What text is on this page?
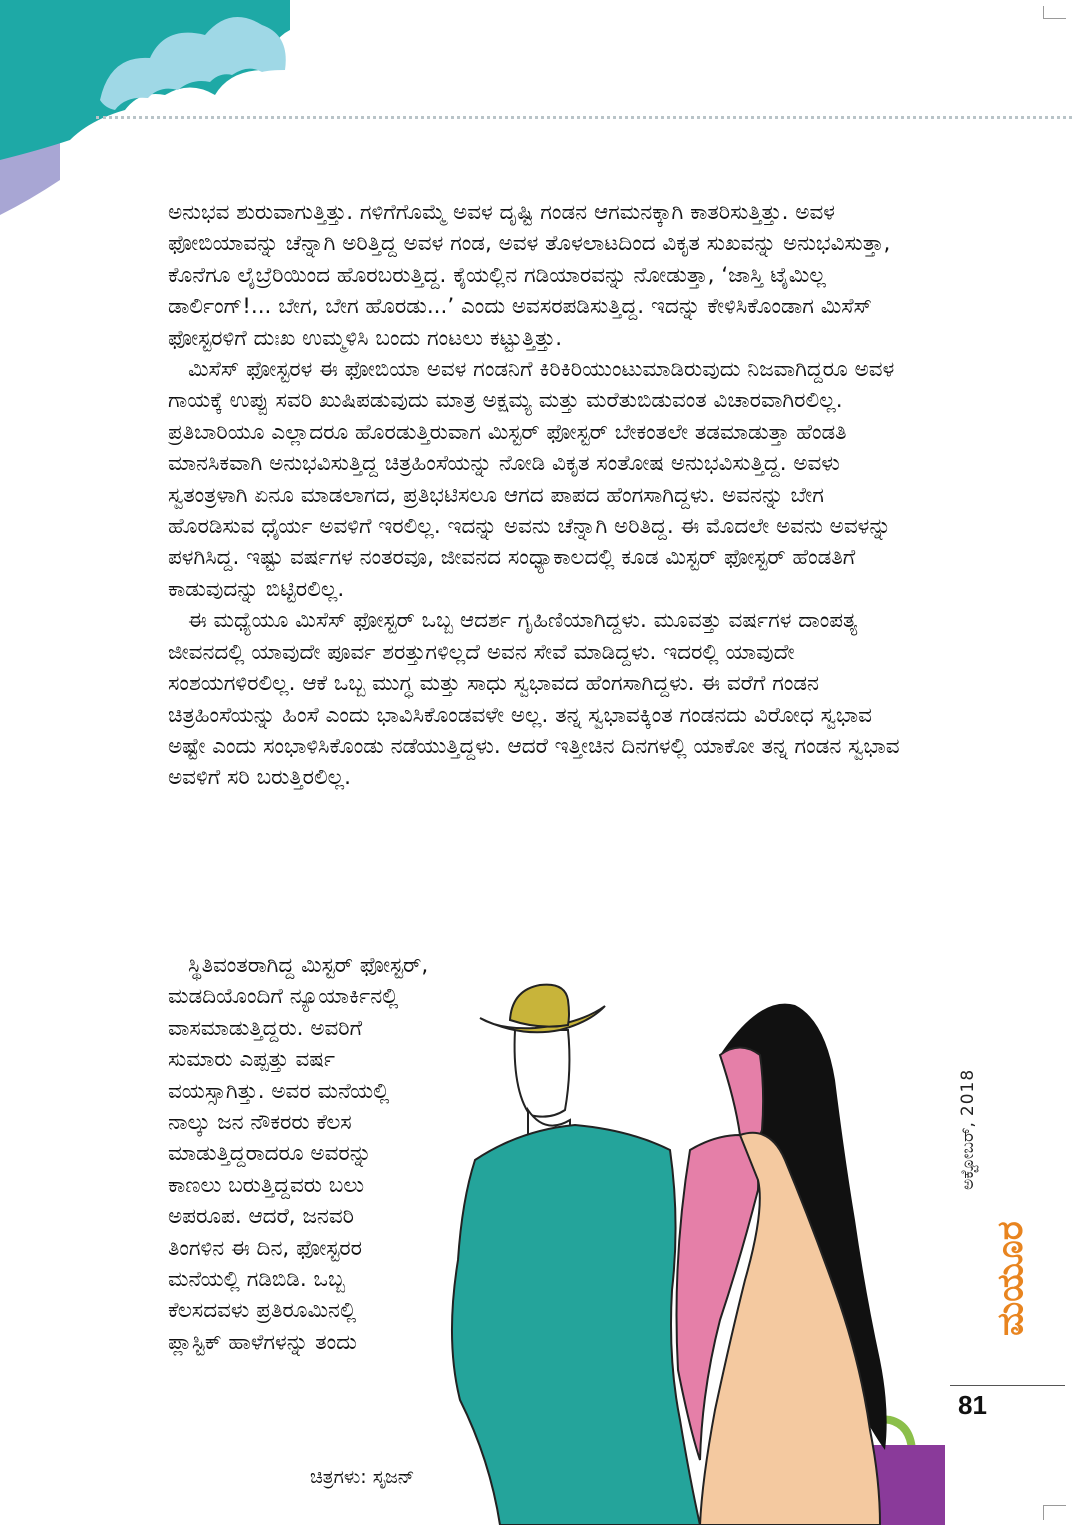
ಅನುಭವ ಶುರುವಾಗುತ್ತಿತ್ತು. ಗಳಿಗೆಗೊಮ್ಮೆ ಅವಳ ದೃಷ್ಟಿ ಗಂಡನ ಆಗಮನಕ್ಕಾಗಿ ಕಾತರಿಸುತ್ತಿತ್ತು. ಅವಳ ಫೋಬಿಯಾವನ್ನು ಚೆನ್ನಾಗಿ ಅರಿತ್ತಿದ್ದ ಅವಳ ಗಂಡ, ಅವಳ ತೊಳಲಾಟದಿಂದ ವಿಕೃತ ಸುಖವನ್ನು ಅನುಭವಿಸುತ್ತಾ, ಕೊನೆಗೂ ಲೈಬ್ರೆರಿಯಿಂದ ಹೊರಬರುತ್ತಿದ್ದ. ಕೈಯಲ್ಲಿನ ಗಡಿಯಾರವನ್ನು ನೋಡುತ್ತಾ, ‘ಜಾಸ್ತಿ ಟೈಮಿಲ್ಲ ಡಾರ್ಲಿಂಗ್!... ಬೇಗ, ಬೇಗ ಹೊರಡು...’ ಎಂದು ಅವಸರಪಡಿಸುತ್ತಿದ್ದ. ಇದನ್ನು ಕೇಳಿಸಿಕೊಂಡಾಗ ಮಿಸೆಸ್ ಫೋಸ್ಟರಳಿಗೆ ದುಃಖ ಉಮ್ಮಳಿಸಿ ಬಂದು ಗಂಟಲು ಕಟ್ಟುತ್ತಿತ್ತು.

ಮಿಸೆಸ್ ಫೋಸ್ಟರಳ ಈ ಫೋಬಿಯಾ ಅವಳ ಗಂಡನಿಗೆ ಕಿರಿಕಿರಿಯುಂಟುಮಾಡಿರುವುದು ನಿಜವಾಗಿದ್ದರೂ ಅವಳ ಗಾಯಕ್ಕೆ ಉಪ್ಪು ಸವರಿ ಖುಷಿಪಡುವುದು ಮಾತ್ರ ಅಕ್ಷಮ್ಯ ಮತ್ತು ಮರೆತುಬಿಡುವಂತ ವಿಚಾರವಾಗಿರಲಿಲ್ಲ. ಪ್ರತಿಬಾರಿಯೂ ಎಲ್ಲಾದರೂ ಹೊರಡುತ್ತಿರುವಾಗ ಮಿಸ್ಟರ್ ಫೋಸ್ಟರ್ ಬೇಕಂತಲೇ ತಡಮಾಡುತ್ತಾ ಹೆಂಡತಿ ಮಾನಸಿಕವಾಗಿ ಅನುಭವಿಸುತ್ತಿದ್ದ ಚಿತ್ರಹಿಂಸೆಯನ್ನು ನೋಡಿ ವಿಕೃತ ಸಂತೋಷ ಅನುಭವಿಸುತ್ತಿದ್ದ. ಅವಳು ಸ್ವತಂತ್ರಳಾಗಿ ಏನೂ ಮಾಡಲಾಗದ, ಪ್ರತಿಭಟಿಸಲೂ ಆಗದ ಪಾಪದ ಹೆಂಗಸಾಗಿದ್ದಳು. ಅವನನ್ನು ಬೇಗ ಹೊರಡಿಸುವ ಧೈರ್ಯ ಅವಳಿಗೆ ಇರಲಿಲ್ಲ. ಇದನ್ನು ಅವನು ಚೆನ್ನಾಗಿ ಅರಿತಿದ್ದ. ಈ ಮೊದಲೇ ಅವನು ಅವಳನ್ನು ಪಳಗಿಸಿದ್ದ. ಇಷ್ಟು ವರ್ಷಗಳ ನಂತರವೂ, ಜೀವನದ ಸಂಧ್ಯಾಕಾಲದಲ್ಲಿ ಕೂಡ ಮಿಸ್ಟರ್ ಫೋಸ್ಟರ್ ಹೆಂಡತಿಗೆ ಕಾಡುವುದನ್ನು ಬಿಟ್ಟಿರಲಿಲ್ಲ.

ಈ ಮಧ್ಯೆಯೂ ಮಿಸೆಸ್ ಫೋಸ್ಟರ್ ಒಬ್ಬ ಆದರ್ಶ ಗೃಹಿಣಿಯಾಗಿದ್ದಳು. ಮೂವತ್ತು ವರ್ಷಗಳ ದಾಂಪತ್ಯ ಜೀವನದಲ್ಲಿ ಯಾವುದೇ ಪೂರ್ವ ಶರತ್ತುಗಳಿಲ್ಲದೆ ಅವನ ಸೇವೆ ಮಾಡಿದ್ದಳು. ಇದರಲ್ಲಿ ಯಾವುದೇ ಸಂಶಯಗಳಿರಲಿಲ್ಲ. ಆಕೆ ಒಬ್ಬ ಮುಗ್ಧ ಮತ್ತು ಸಾಧು ಸ್ವಭಾವದ ಹೆಂಗಸಾಗಿದ್ದಳು. ಈ ವರೆಗೆ ಗಂಡನ ಚಿತ್ರಹಿಂಸೆಯನ್ನು ಹಿಂಸೆ ಎಂದು ಭಾವಿಸಿಕೊಂಡವಳೇ ಅಲ್ಲ. ತನ್ನ ಸ್ವಭಾವಕ್ಕಿಂತ ಗಂಡನದು ವಿರೋಧ ಸ್ವಭಾವ ಅಷ್ಟೇ ಎಂದು ಸಂಭಾಳಿಸಿಕೊಂಡು ನಡೆಯುತ್ತಿದ್ದಳು. ಆದರೆ ಇತ್ತೀಚಿನ ದಿನಗಳಲ್ಲಿ ಯಾಕೋ ತನ್ನ ಗಂಡನ ಸ್ವಭಾವ ಅವಳಿಗೆ ಸರಿ ಬರುತ್ತಿರಲಿಲ್ಲ.

ಸ್ಥಿತಿವಂತರಾಗಿದ್ದ ಮಿಸ್ಟರ್ ಫೋಸ್ಟರ್,
ಮಡದಿಯೊಂದಿಗೆ ನ್ಯೂಯಾರ್ಕಿನಲ್ಲಿ
ವಾಸಮಾಡುತ್ತಿದ್ದರು. ಅವರಿಗೆ
ಸುಮಾರು ಎಪ್ಪತ್ತು ವರ್ಷ
ವಯಸ್ಸಾಗಿತ್ತು. ಅವರ ಮನೆಯಲ್ಲಿ
ನಾಲ್ಕು ಜನ ನೌಕರರು ಕೆಲಸ
ಮಾಡುತ್ತಿದ್ದರಾದರೂ ಅವರನ್ನು
ಕಾಣಲು ಬರುತ್ತಿದ್ದವರು ಬಲು
ಅಪರೂಪ. ಆದರೆ, ಜನವರಿ
ತಿಂಗಳಿನ ಈ ದಿನ, ಫೋಸ್ಟರರ
ಮನೆಯಲ್ಲಿ ಗಡಿಬಿಡಿ. ಒಬ್ಬ
ಕೆಲಸದವಳು ಪ್ರತಿರೂಮಿನಲ್ಲಿ
ಪ್ಲಾಸ್ಟಿಕ್ ಹಾಳೆಗಳನ್ನು ತಂದು
ಚಿತ್ರಗಳು: ಸೃಜನ್
ಅಕ್ಟೋಬರ್,2018
ಮಯೂರ
81
